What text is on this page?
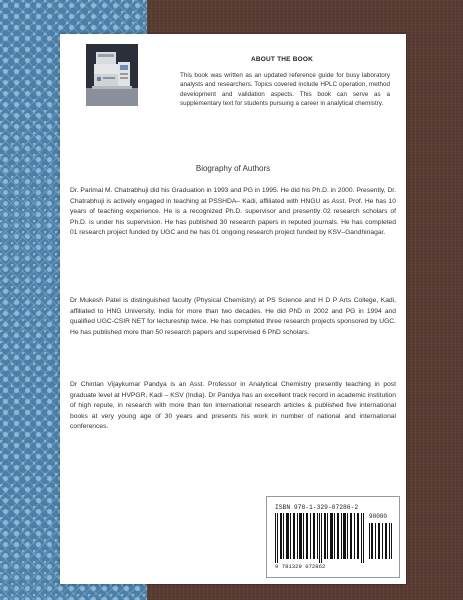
ABOUT THE BOOK
This book was written as an updated reference guide for busy laboratory analysts and researchers. Topics covered include HPLC operation, method development and validation aspects. This book can serve as a supplementary text for students pursuing a career in analytical chemistry.
Biography of Authors

Dr. Parimal M. Chatrabhuji did his Graduation in 1993 and PG in 1995. He did his Ph.D. in 2000. Presently, Dr. Chatrabhuji is actively engaged in teaching at PSSHDA– Kadi, affiliated with HNGU as Asst. Prof. He has 10 years of teaching experience. He is a recognized Ph.D. supervisor and presently 02 research scholars of Ph.D. is under his supervision. He has published 30 research papers in reputed journals. He has completed 01 research project funded by UGC and he has 01 ongoing research project funded by KSV–Gandhinagar.

Dr Mukesh Patel is distinguished faculty (Physical Chemistry) at PS Science and H D P Arts College, Kadi, affiliated to HNG University, India for more than two decades. He did PhD in 2002 and PG in 1994 and qualified UGC-CSIR NET for lectureship twice. He has completed three research projects sponsored by UGC. He has published more than 50 research papers and supervised 6 PhD scholars.

Dr Chintan Vijaykumar Pandya is an Asst. Professor in Analytical Chemistry presently teaching in post graduate level at HVPGR, Kadi – KSV (India). Dr Pandya has an excellent track record in academic institution of high repute, in research with more than ten international research articles & published five international books at very young age of 30 years and presents his work in number of national and international conferences.

ISBN 978-1-329-07286-2
90000
9 781329 072862
